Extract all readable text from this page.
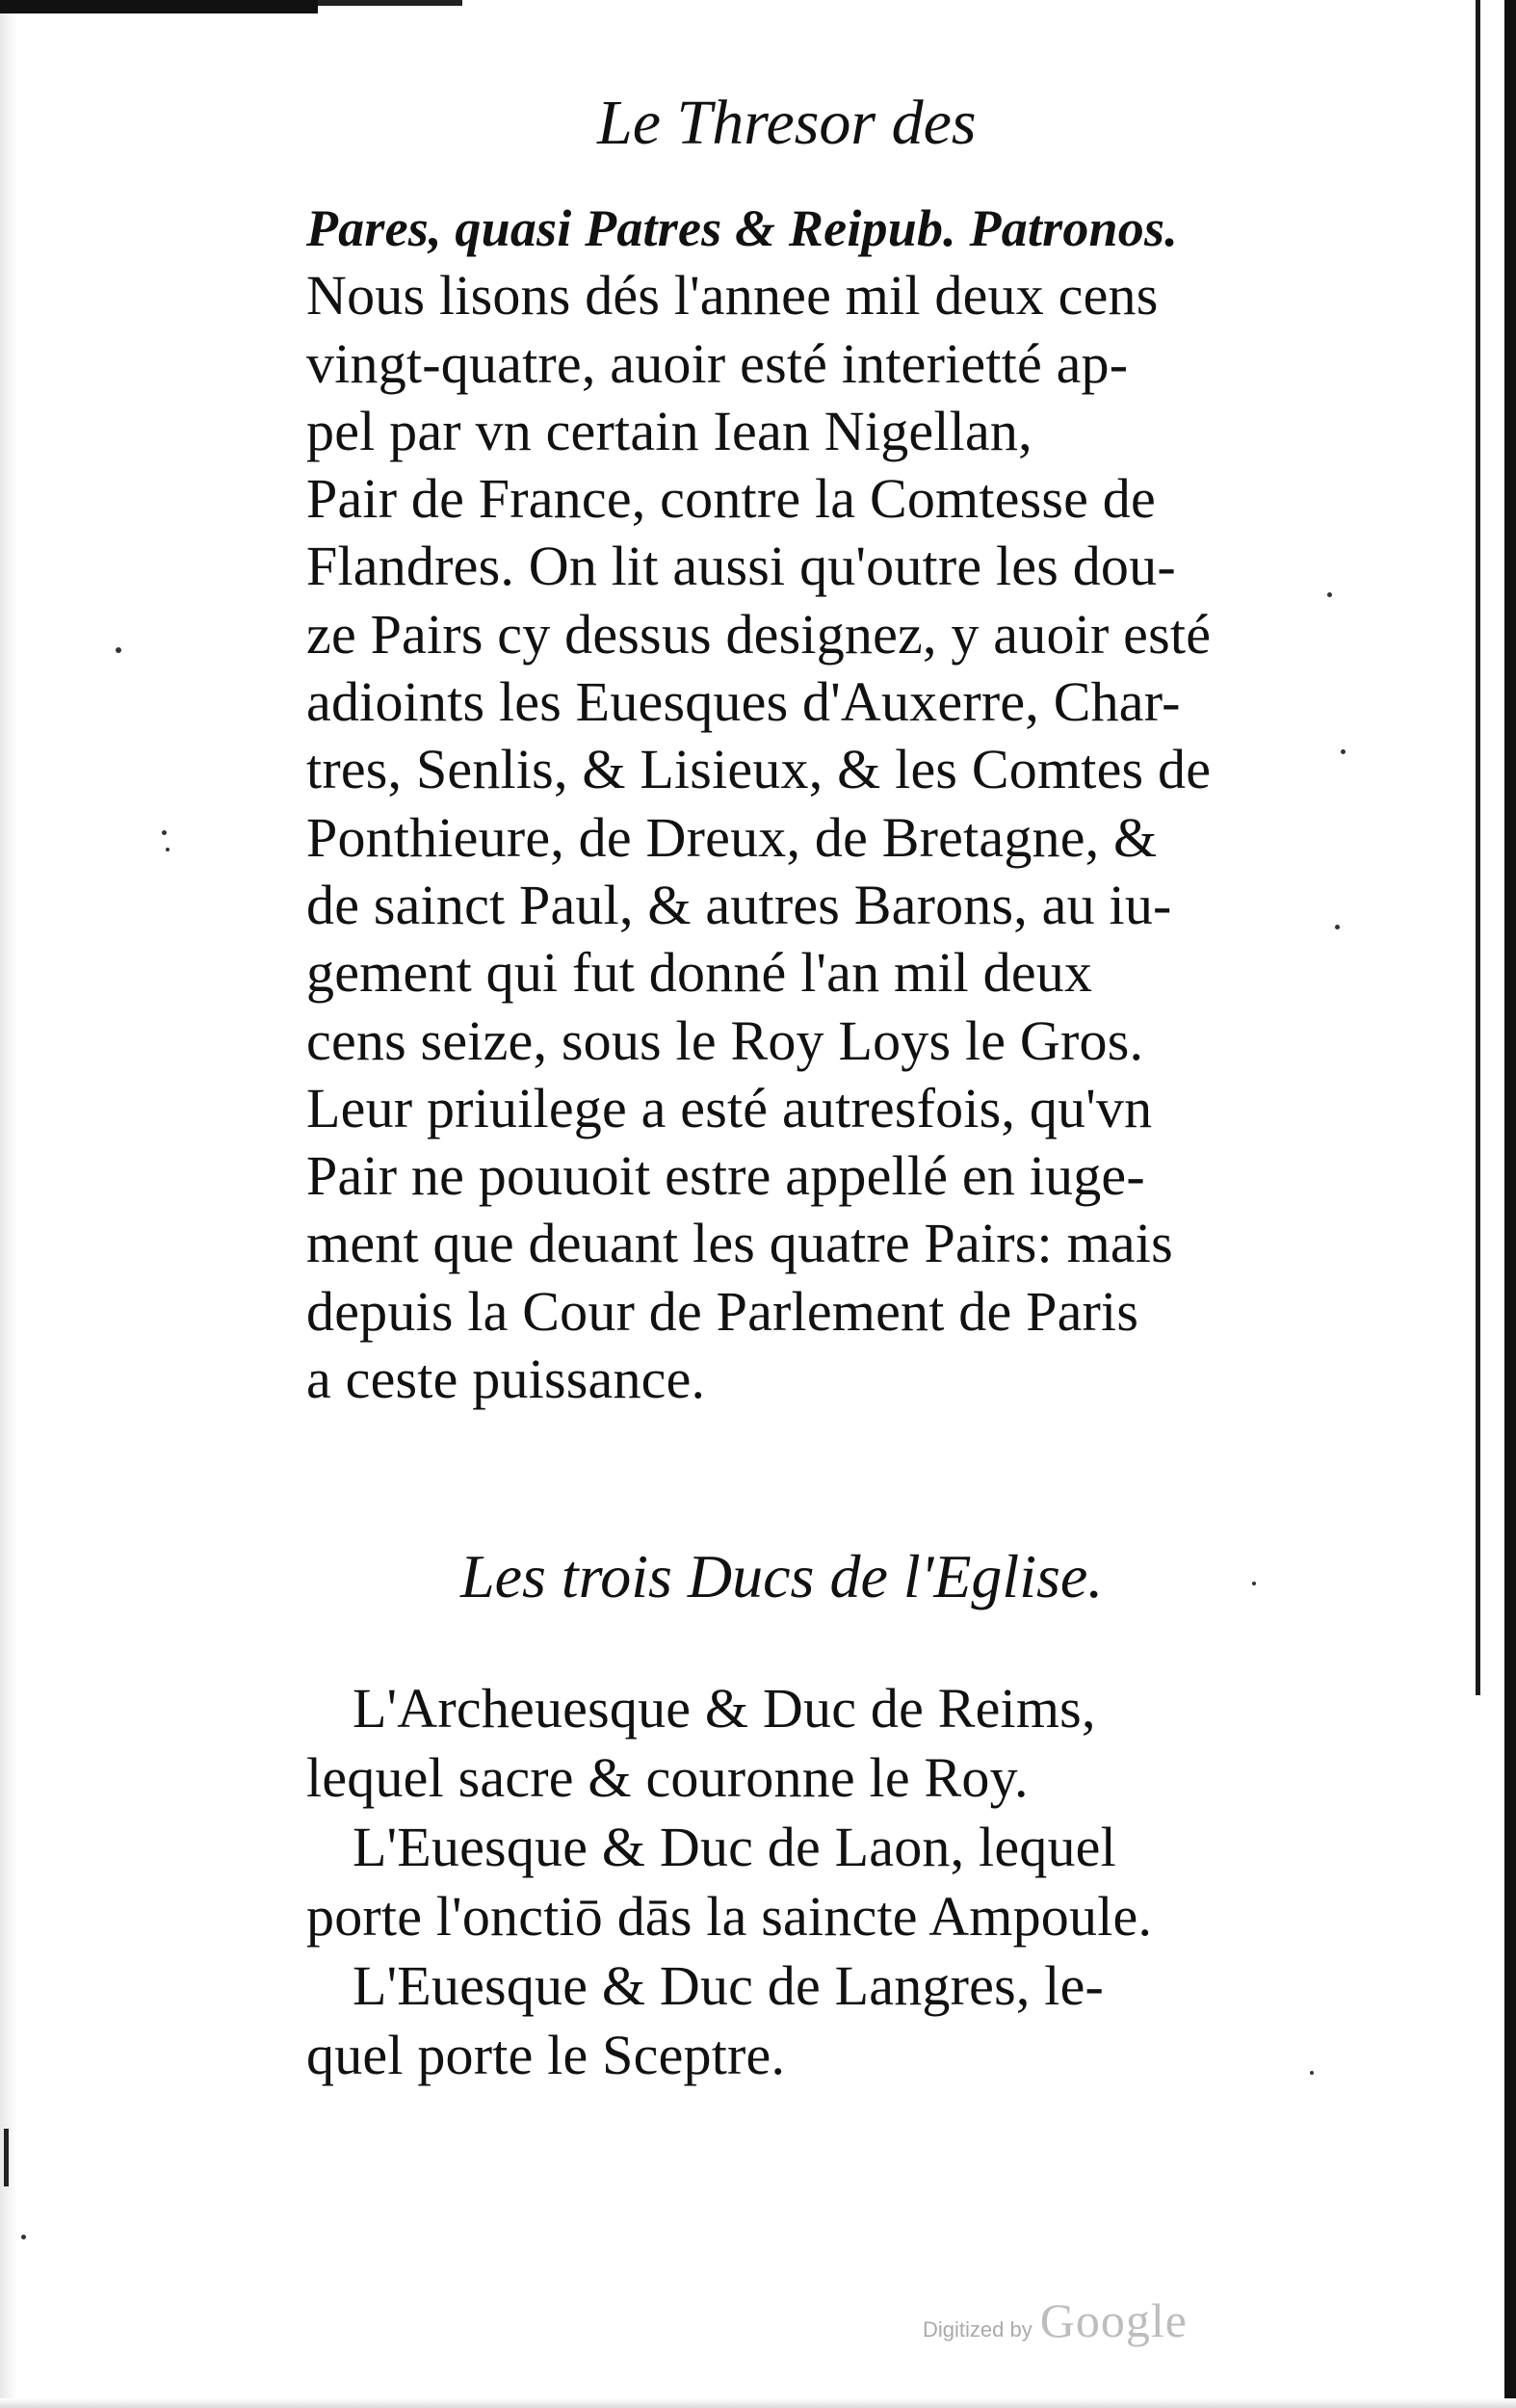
Le Thresor des
Pares, quasi Patres & Reipub. Patronos.
Nous lisons dés l'annee mil deux cens
vingt-quatre, auoir esté interietté ap-
pel par vn certain Iean Nigellan,
Pair de France, contre la Comtesse de
Flandres. On lit aussi qu'outre les dou-
ze Pairs cy dessus designez, y auoir esté
adioints les Euesques d'Auxerre, Char-
tres, Senlis, & Lisieux, & les Comtes de
Ponthieure, de Dreux, de Bretagne, &
de sainct Paul, & autres Barons, au iu-
gement qui fut donné l'an mil deux
cens seize, sous le Roy Loys le Gros.
Leur priuilege a esté autresfois, qu'vn
Pair ne pouuoit estre appellé en iuge-
ment que deuant les quatre Pairs: mais
depuis la Cour de Parlement de Paris
a ceste puissance.
Les trois Ducs de l'Eglise.
L'Archeuesque & Duc de Reims,
lequel sacre & couronne le Roy.
L'Euesque & Duc de Laon, lequel
porte l'onctiō dās la saincte Ampoule.
L'Euesque & Duc de Langres, le-
quel porte le Sceptre.
Digitized by Google
